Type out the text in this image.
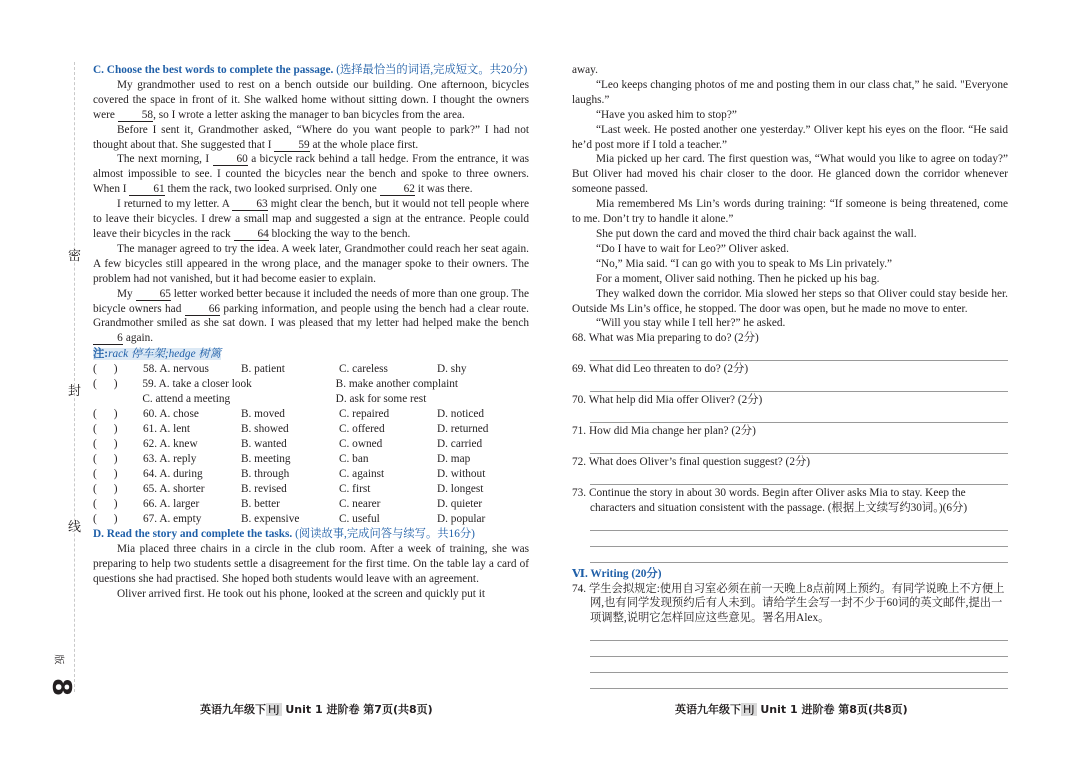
密
封
线
版
8
C. Choose the best words to complete the passage. (选择最恰当的词语,完成短文。共20分)

My grandmother used to rest on a bench outside our building. One afternoon, bicycles covered the space in front of it. She walked home without sitting down. I thought the owners were 58, so I wrote a letter asking the manager to ban bicycles from the area.

Before I sent it, Grandmother asked, “Where do you want people to park?” I had not thought about that. She suggested that I 59 at the whole place first.

The next morning, I 60 a bicycle rack behind a tall hedge. From the entrance, it was almost impossible to see. I counted the bicycles near the bench and spoke to three owners. When I 61 them the rack, two looked surprised. Only one 62 it was there.

I returned to my letter. A 63 might clear the bench, but it would not tell people where to leave their bicycles. I drew a small map and suggested a sign at the entrance. People could leave their bicycles in the rack 64 blocking the way to the bench.

The manager agreed to try the idea. A week later, Grandmother could reach her seat again. A few bicycles still appeared in the wrong place, and the manager spoke to their owners. The problem had not vanished, but it had become easier to explain.

My 65 letter worked better because it included the needs of more than one group. The bicycle owners had 66 parking information, and people using the bench had a clear route. Grandmother smiled as she sat down. I was pleased that my letter had helped make the bench 6 again.

注:rack 停车架;hedge 树篱
(      )	58. A. nervous	B. patient	C. careless	D. shy
(      )	59. A. take a closer look	B. make another complaint
C. attend a meeting	D. ask for some rest
(      )	60. A. chose	B. moved	C. repaired	D. noticed
(      )	61. A. lent	B. showed	C. offered	D. returned
(      )	62. A. knew	B. wanted	C. owned	D. carried
(      )	63. A. reply	B. meeting	C. ban	D. map
(      )	64. A. during	B. through	C. against	D. without
(      )	65. A. shorter	B. revised	C. first	D. longest
(      )	66. A. larger	B. better	C. nearer	D. quieter
(      )	67. A. empty	B. expensive	C. useful	D. popular
D. Read the story and complete the tasks. (阅读故事,完成问答与续写。共16分)

Mia placed three chairs in a circle in the club room. After a week of training, she was preparing to help two students settle a disagreement for the first time. On the table lay a card of questions she had practised. She hoped both students would leave with an agreement.

Oliver arrived first. He took out his phone, looked at the screen and quickly put it

away.

“Leo keeps changing photos of me and posting them in our class chat,” he said. "Everyone laughs.”

“Have you asked him to stop?”

“Last week. He posted another one yesterday.” Oliver kept his eyes on the floor. “He said he’d post more if I told a teacher.”

Mia picked up her card. The first question was, “What would you like to agree on today?” But Oliver had moved his chair closer to the door. He glanced down the corridor whenever someone passed.

Mia remembered Ms Lin’s words during training: “If someone is being threatened, come to me. Don’t try to handle it alone.”

She put down the card and moved the third chair back against the wall.

“Do I have to wait for Leo?” Oliver asked.

“No,” Mia said. “I can go with you to speak to Ms Lin privately.”

For a moment, Oliver said nothing. Then he picked up his bag.

They walked down the corridor. Mia slowed her steps so that Oliver could stay beside her. Outside Ms Lin’s office, he stopped. The door was open, but he made no move to enter.

“Will you stay while I tell her?” he asked.

68. What was Mia preparing to do? (2分)
69. What did Leo threaten to do? (2分)
70. What help did Mia offer Oliver? (2分)
71. How did Mia change her plan? (2分)
72. What does Oliver’s final question suggest? (2分)
73. Continue the story in about 30 words. Begin after Oliver asks Mia to stay. Keep the characters and situation consistent with the passage. (根据上文续写约30词。)(6分)
Ⅵ. Writing (20分)
74. 学生会拟规定:使用自习室必须在前一天晚上8点前网上预约。有同学说晚上不方便上网,也有同学发现预约后有人未到。请给学生会写一封不少于60词的英文邮件,提出一项调整,说明它怎样回应这些意见。署名用Alex。
英语九年级下 HJ Unit 1 进阶卷 第7页(共8页)	英语九年级下 HJ Unit 1 进阶卷 第8页(共8页)
